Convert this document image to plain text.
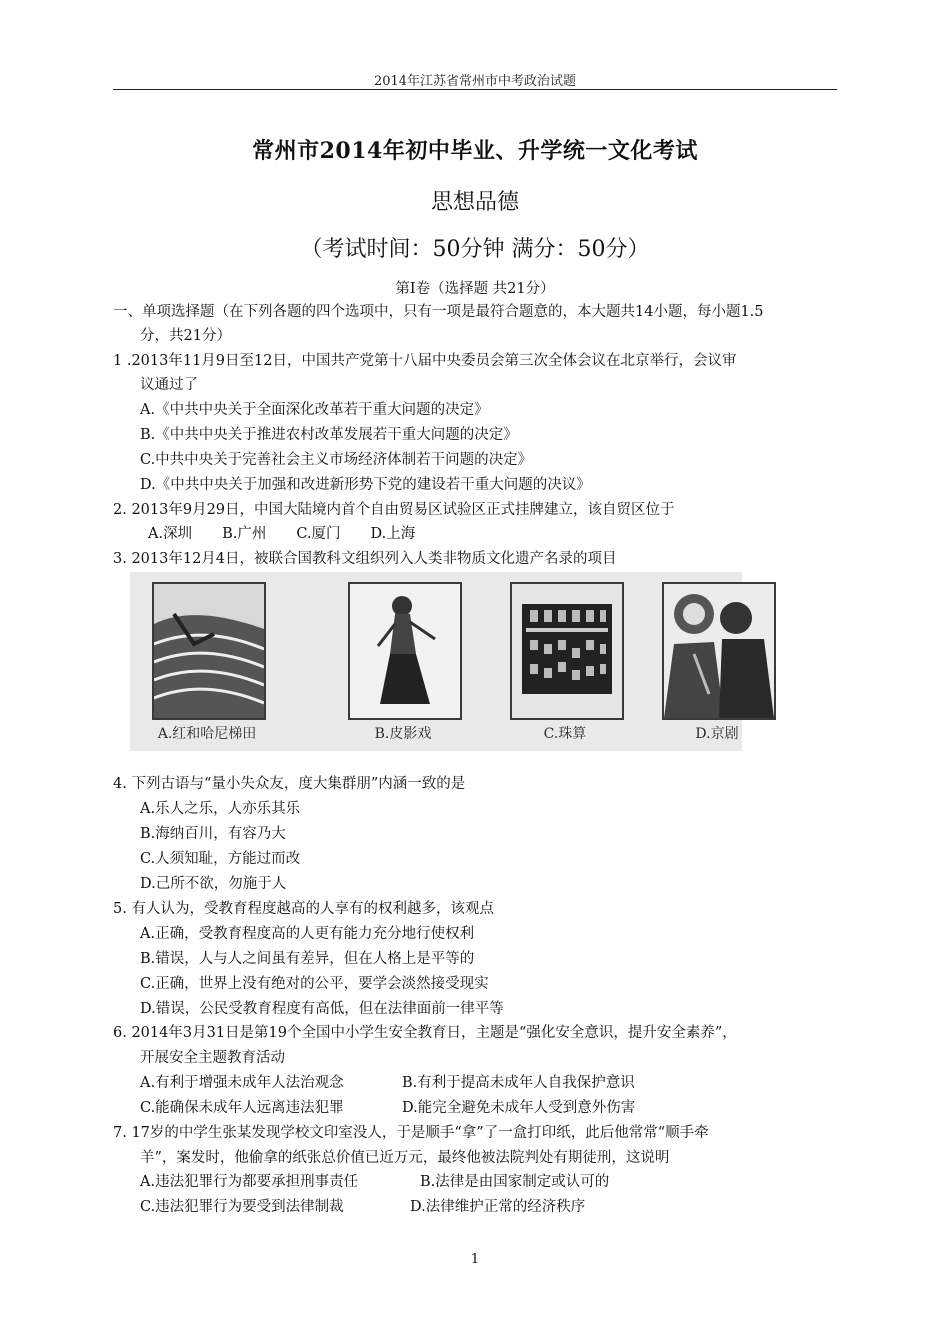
2014年江苏省常州市中考政治试题
常州市2014年初中毕业、升学统一文化考试
思想品德
（考试时间：50分钟 满分：50分）
第Ⅰ卷（选择题 共21分）
一、单项选择题（在下列各题的四个选项中，只有一项是最符合题意的，本大题共14小题，每小题1.5
分，共21分）
1 .2013年11月9日至12日，中国共产党第十八届中央委员会第三次全体会议在北京举行，会议审
议通过了
A.《中共中央关于全面深化改革若干重大问题的决定》
B.《中共中央关于推进农村改革发展若干重大问题的决定》
C.中共中央关于完善社会主义市场经济体制若干问题的决定》
D.《中共中央关于加强和改进新形势下党的建设若干重大问题的决议》
2. 2013年9月29日，中国大陆境内首个自由贸易区试验区正式挂牌建立，该自贸区位于
A.深圳 B.广州 C.厦门 D.上海
3. 2013年12月4日，被联合国教科文组织列入人类非物质文化遗产名录的项目
A.红和哈尼梯田	B.皮影戏	C.珠算	D.京剧
4. 下列古语与“量小失众友，度大集群朋”内涵一致的是
A.乐人之乐，人亦乐其乐
B.海纳百川，有容乃大
C.人须知耻，方能过而改
D.己所不欲，勿施于人
5. 有人认为，受教育程度越高的人享有的权利越多，该观点
A.正确，受教育程度高的人更有能力充分地行使权利
B.错误，人与人之间虽有差异，但在人格上是平等的
C.正确，世界上没有绝对的公平，要学会淡然接受现实
D.错误，公民受教育程度有高低，但在法律面前一律平等
6. 2014年3月31日是第19个全国中小学生安全教育日，主题是“强化安全意识，提升安全素养”，
开展安全主题教育活动
A.有利于增强未成年人法治观念	B.有利于提高未成年人自我保护意识
C.能确保未成年人远离违法犯罪	D.能完全避免未成年人受到意外伤害
7. 17岁的中学生张某发现学校文印室没人，于是顺手“拿”了一盒打印纸，此后他常常“顺手牵
羊”，案发时，他偷拿的纸张总价值已近万元，最终他被法院判处有期徒刑，这说明
A.违法犯罪行为都要承担刑事责任	B.法律是由国家制定或认可的
C.违法犯罪行为要受到法律制裁	D.法律维护正常的经济秩序
1
